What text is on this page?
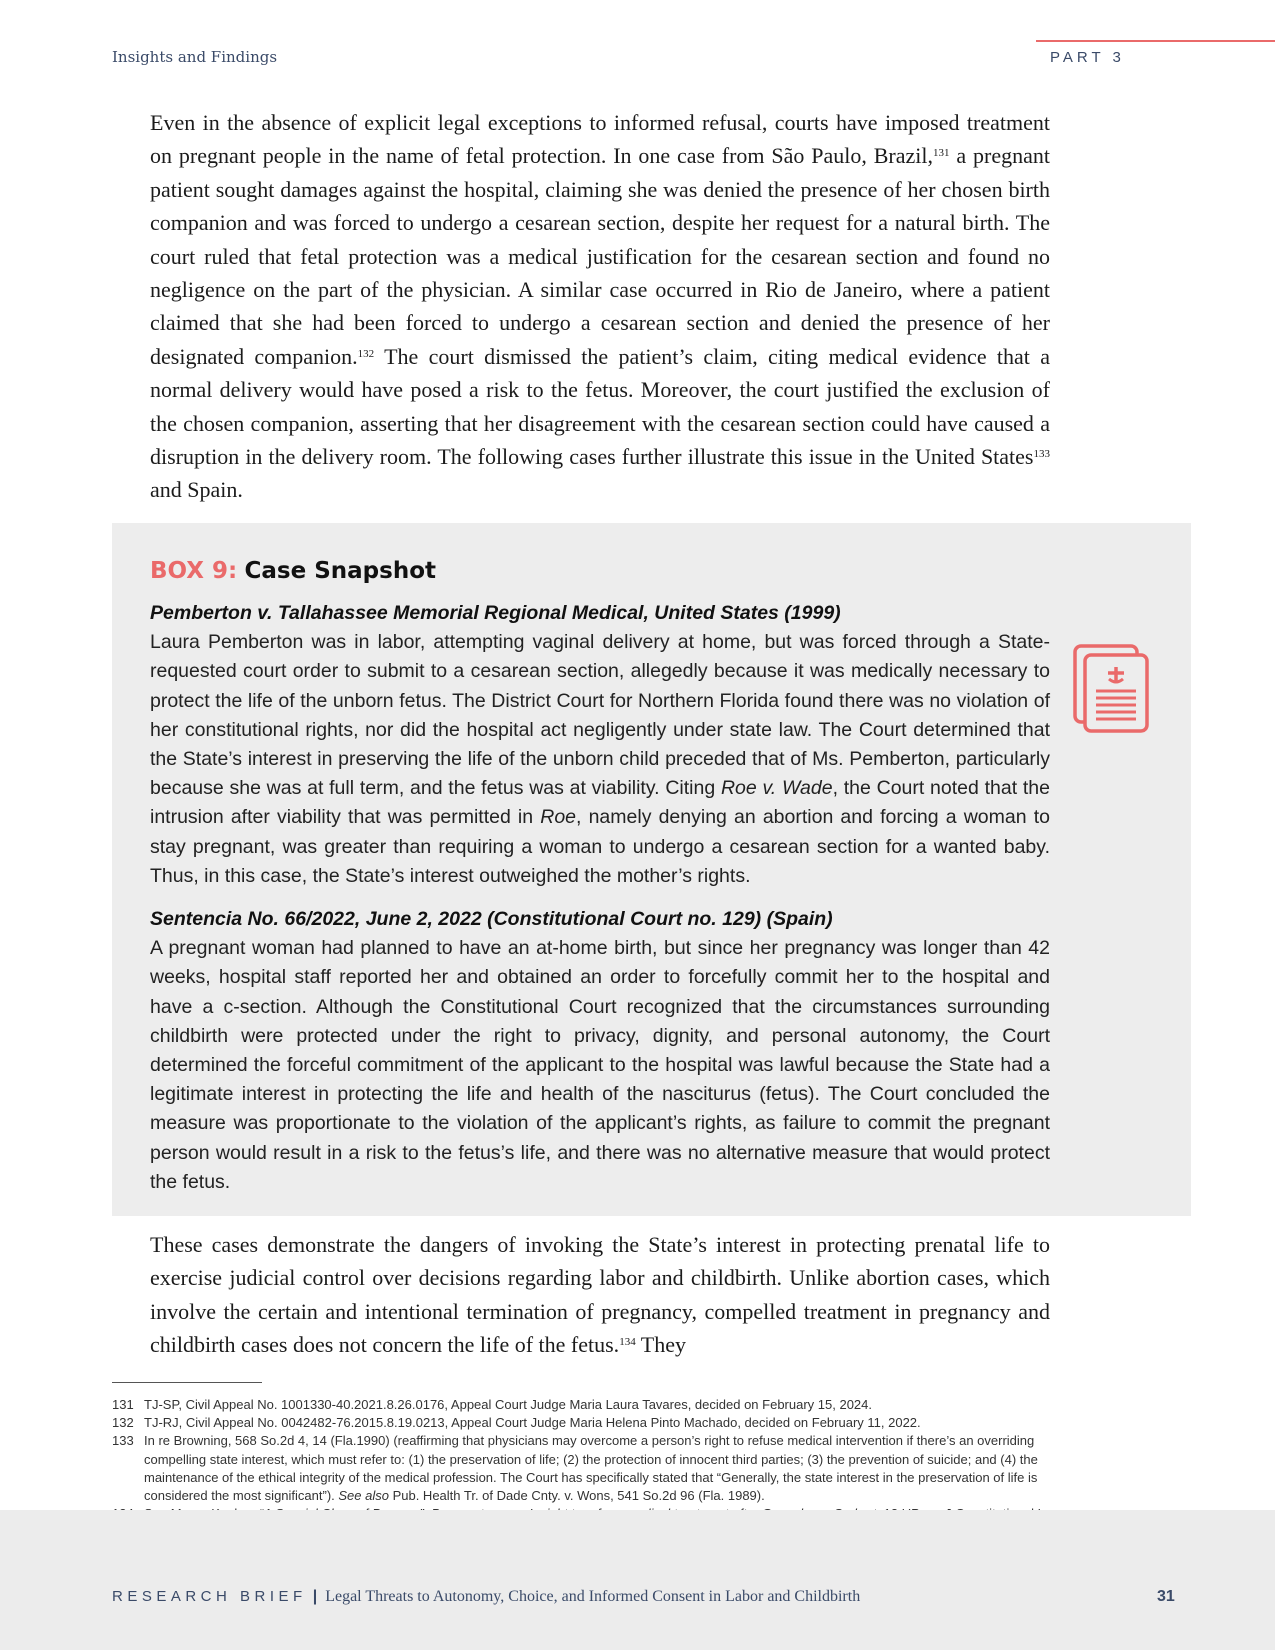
Insights and Findings	PART 3

Even in the absence of explicit legal exceptions to informed refusal, courts have imposed treatment on pregnant people in the name of fetal protection. In one case from São Paulo, Brazil,$^{131}$ a pregnant patient sought damages against the hospital, claiming she was denied the presence of her chosen birth companion and was forced to undergo a cesarean section, despite her request for a natural birth. The court ruled that fetal protection was a medical justification for the cesarean section and found no negligence on the part of the physician. A similar case occurred in Rio de Janeiro, where a patient claimed that she had been forced to undergo a cesarean section and denied the presence of her designated companion.$^{132}$ The court dismissed the patient’s claim, citing medical evidence that a normal delivery would have posed a risk to the fetus. Moreover, the court justified the exclusion of the chosen companion, asserting that her disagreement with the cesarean section could have caused a disruption in the delivery room. The following cases further illustrate this issue in the United States$^{133}$ and Spain.

BOX 9: Case Snapshot

Pemberton v. Tallahassee Memorial Regional Medical, United States (1999)

Laura Pemberton was in labor, attempting vaginal delivery at home, but was forced through a State-requested court order to submit to a cesarean section, allegedly because it was medically necessary to protect the life of the unborn fetus. The District Court for Northern Florida found there was no violation of her constitutional rights, nor did the hospital act negligently under state law. The Court determined that the State’s interest in preserving the life of the unborn child preceded that of Ms. Pemberton, particularly because she was at full term, and the fetus was at viability. Citing Roe v. Wade, the Court noted that the intrusion after viability that was permitted in Roe, namely denying an abortion and forcing a woman to stay pregnant, was greater than requiring a woman to undergo a cesarean section for a wanted baby. Thus, in this case, the State’s interest outweighed the mother’s rights.

Sentencia No. 66/2022, June 2, 2022 (Constitutional Court no. 129) (Spain)

A pregnant woman had planned to have an at-home birth, but since her pregnancy was longer than 42 weeks, hospital staff reported her and obtained an order to forcefully commit her to the hospital and have a c-section. Although the Constitutional Court recognized that the circumstances surrounding childbirth were protected under the right to privacy, dignity, and personal autonomy, the Court determined the forceful commitment of the applicant to the hospital was lawful because the State had a legitimate interest in protecting the life and health of the nasciturus (fetus). The Court concluded the measure was proportionate to the violation of the applicant’s rights, as failure to commit the pregnant person would result in a risk to the fetus’s life, and there was no alternative measure that would protect the fetus.

These cases demonstrate the dangers of invoking the State’s interest in protecting prenatal life to exercise judicial control over decisions regarding labor and childbirth. Unlike abortion cases, which involve the certain and intentional termination of pregnancy, compelled treatment in pregnancy and childbirth cases does not concern the life of the fetus.$^{134}$ They

131 TJ-SP, Civil Appeal No. 1001330-40.2021.8.26.0176, Appeal Court Judge Maria Laura Tavares, decided on February 15, 2024.
132 TJ-RJ, Civil Appeal No. 0042482-76.2015.8.19.0213, Appeal Court Judge Maria Helena Pinto Machado, decided on February 11, 2022.
133 In re Browning, 568 So.2d 4, 14 (Fla.1990) (reaffirming that physicians may overcome a person’s right to refuse medical intervention if there’s an overriding compelling state interest, which must refer to: (1) the preservation of life; (2) the protection of innocent third parties; (3) the prevention of suicide; and (4) the maintenance of the ethical integrity of the medical profession. The Court has specifically stated that “Generally, the state interest in the preservation of life is considered the most significant”). See also Pub. Health Tr. of Dade Cnty. v. Wons, 541 So.2d 96 (Fla. 1989).
RESEARCH BRIEF | Legal Threats to Autonomy, Choice, and Informed Consent in Labor and Childbirth	31
